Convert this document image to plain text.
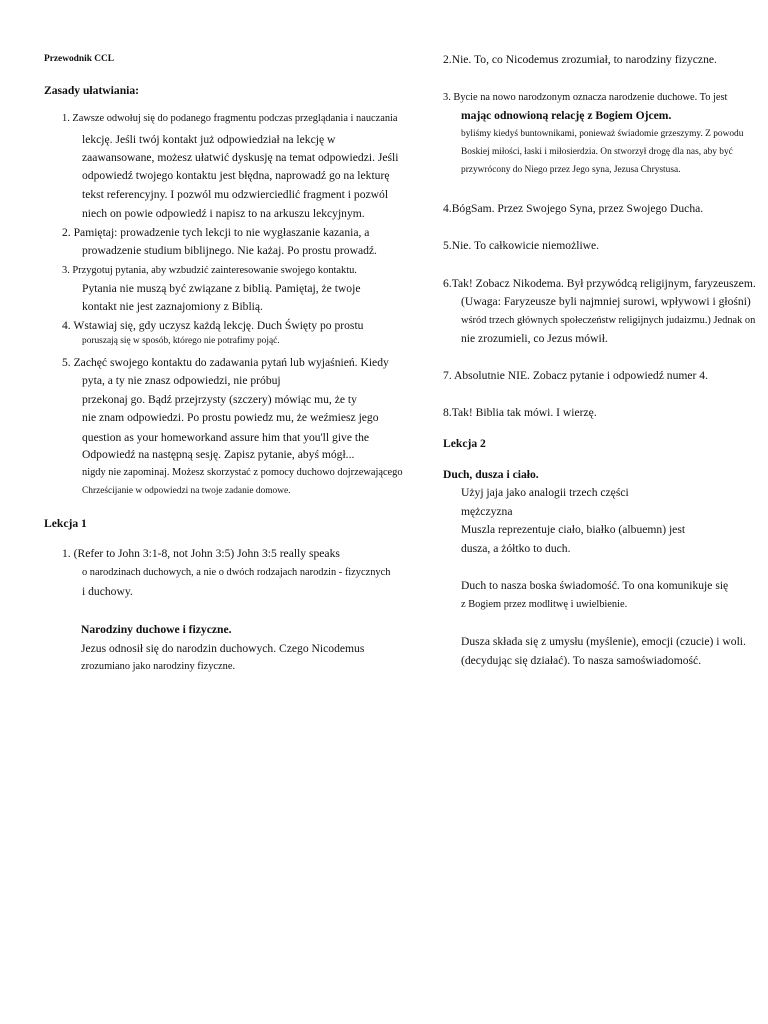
Przewodnik CCL
Zasady ułatwiania:
1. Zawsze odwołuj się do podanego fragmentu podczas przeglądania i nauczania
lekcję. Jeśli twój kontakt już odpowiedział na lekcję w
zaawansowane, możesz ułatwić dyskusję na temat odpowiedzi. Jeśli
odpowiedź twojego kontaktu jest błędna, naprowadź go na lekturę
tekst referencyjny. I pozwól mu odzwierciedlić fragment i pozwól
niech on powie odpowiedź i napisz to na arkuszu lekcyjnym.
2. Pamiętaj: prowadzenie tych lekcji to nie wygłaszanie kazania, a
prowadzenie studium biblijnego. Nie każaj. Po prostu prowadź.
3. Przygotuj pytania, aby wzbudzić zainteresowanie swojego kontaktu.
Pytania nie muszą być związane z biblią. Pamiętaj, że twoje
kontakt nie jest zaznajomiony z Biblią.
4. Wstawiaj się, gdy uczysz każdą lekcję. Duch Święty po prostu
poruszają się w sposób, którego nie potrafimy pojąć.
5. Zachęć swojego kontaktu do zadawania pytań lub wyjaśnień. Kiedy
pyta, a ty nie znasz odpowiedzi, nie próbuj
przekonaj go. Bądź przejrzysty (szczery) mówiąc mu, że ty
nie znam odpowiedzi. Po prostu powiedz mu, że weźmiesz jego
question as your homeworkand assure him that you'll give the
Odpowiedź na następną sesję. Zapisz pytanie, abyś mógł...
nigdy nie zapominaj. Możesz skorzystać z pomocy duchowo dojrzewającego
Chrześcijanie w odpowiedzi na twoje zadanie domowe.
Lekcja 1
1. (Refer to John 3:1-8, not John 3:5) John 3:5 really speaks
o narodzinach duchowych, a nie o dwóch rodzajach narodzin - fizycznych
i duchowy.
Narodziny duchowe i fizyczne.
Jezus odnosił się do narodzin duchowych. Czego Nicodemus
zrozumiano jako narodziny fizyczne.
2.Nie. To, co Nicodemus zrozumiał, to narodziny fizyczne.
3. Bycie na nowo narodzonym oznacza narodzenie duchowe. To jest
mając odnowioną relację z Bogiem Ojcem.
byliśmy kiedyś buntownikami, ponieważ świadomie grzeszymy. Z powodu
Boskiej miłości, łaski i miłosierdzia. On stworzył drogę dla nas, aby być
przywrócony do Niego przez Jego syna, Jezusa Chrystusa.
4.BógSam. Przez Swojego Syna, przez Swojego Ducha.
5.Nie. To całkowicie niemożliwe.
6.Tak! Zobacz Nikodema. Był przywódcą religijnym, faryzeuszem.
(Uwaga: Faryzeusze byli najmniej surowi, wpływowi i głośni)
wśród trzech głównych społeczeństw religijnych judaizmu.) Jednak on
nie zrozumieli, co Jezus mówił.
7. Absolutnie NIE. Zobacz pytanie i odpowiedź numer 4.
8.Tak! Biblia tak mówi. I wierzę.
Lekcja 2
Duch, dusza i ciało.
Użyj jaja jako analogii trzech części
mężczyzna
Muszla reprezentuje ciało, białko (albuemn) jest
dusza, a żółtko to duch.
Duch to nasza boska świadomość. To ona komunikuje się
z Bogiem przez modlitwę i uwielbienie.
Dusza składa się z umysłu (myślenie), emocji (czucie) i woli.
(decydując się działać). To nasza samoświadomość.
